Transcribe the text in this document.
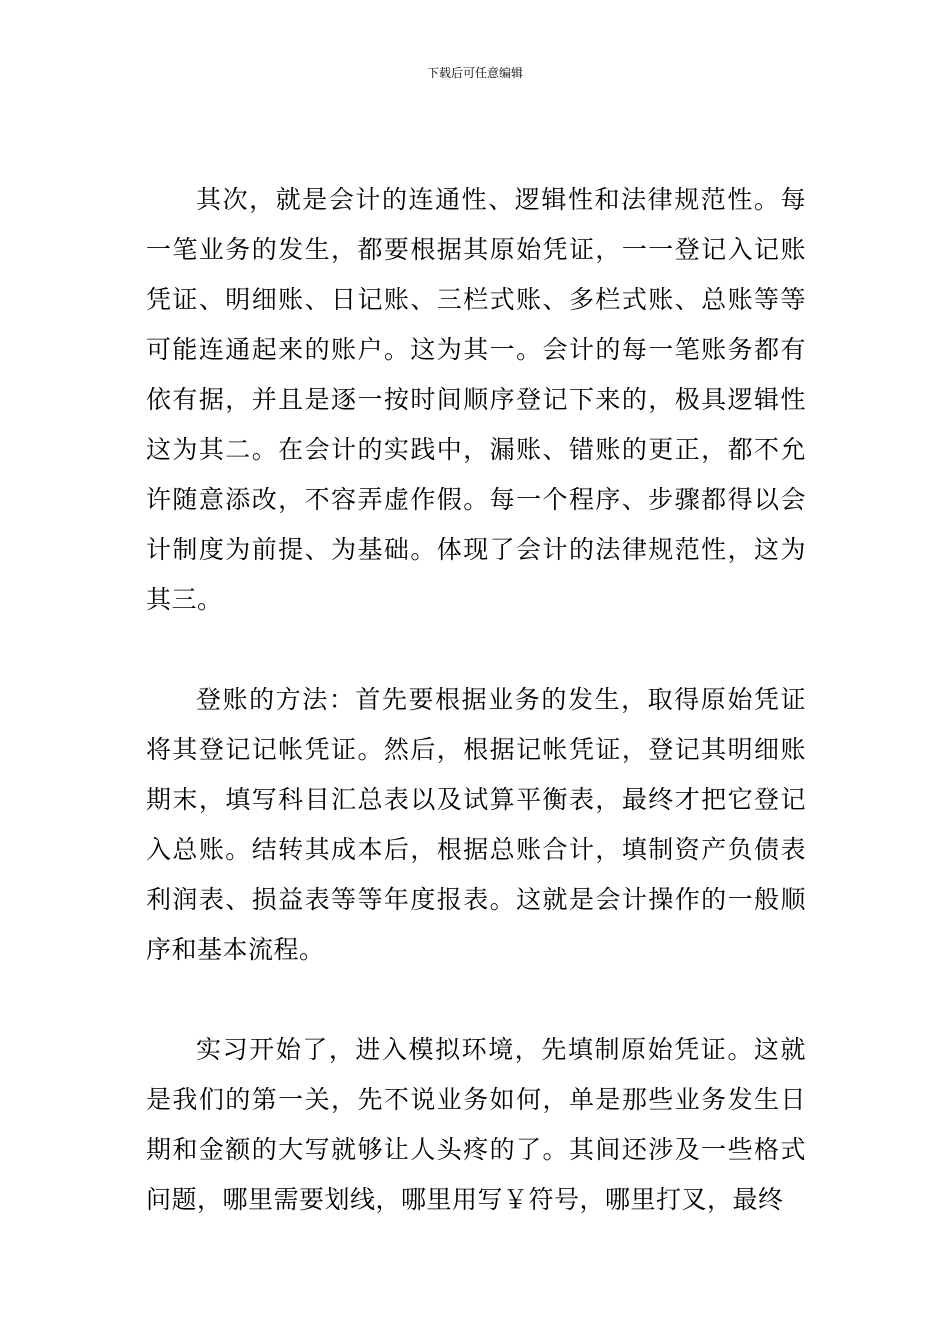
下载后可任意编辑

其次，就是会计的连通性、逻辑性和法律规范性。每一笔业务的发生，都要根据其原始凭证，一一登记入记账凭证、明细账、日记账、三栏式账、多栏式账、总账等等可能连通起来的账户。这为其一。会计的每一笔账务都有依有据，并且是逐一按时间顺序登记下来的，极具逻辑性这为其二。在会计的实践中，漏账、错账的更正，都不允许随意添改，不容弄虚作假。每一个程序、步骤都得以会计制度为前提、为基础。体现了会计的法律规范性，这为其三。

登账的方法：首先要根据业务的发生，取得原始凭证将其登记记帐凭证。然后，根据记帐凭证，登记其明细账期末，填写科目汇总表以及试算平衡表，最终才把它登记入总账。结转其成本后，根据总账合计，填制资产负债表利润表、损益表等等年度报表。这就是会计操作的一般顺序和基本流程。

实习开始了，进入模拟环境，先填制原始凭证。这就是我们的第一关，先不说业务如何，单是那些业务发生日期和金额的大写就够让人头疼的了。其间还涉及一些格式问题，哪里需要划线，哪里用写￥符号，哪里打叉，最终
